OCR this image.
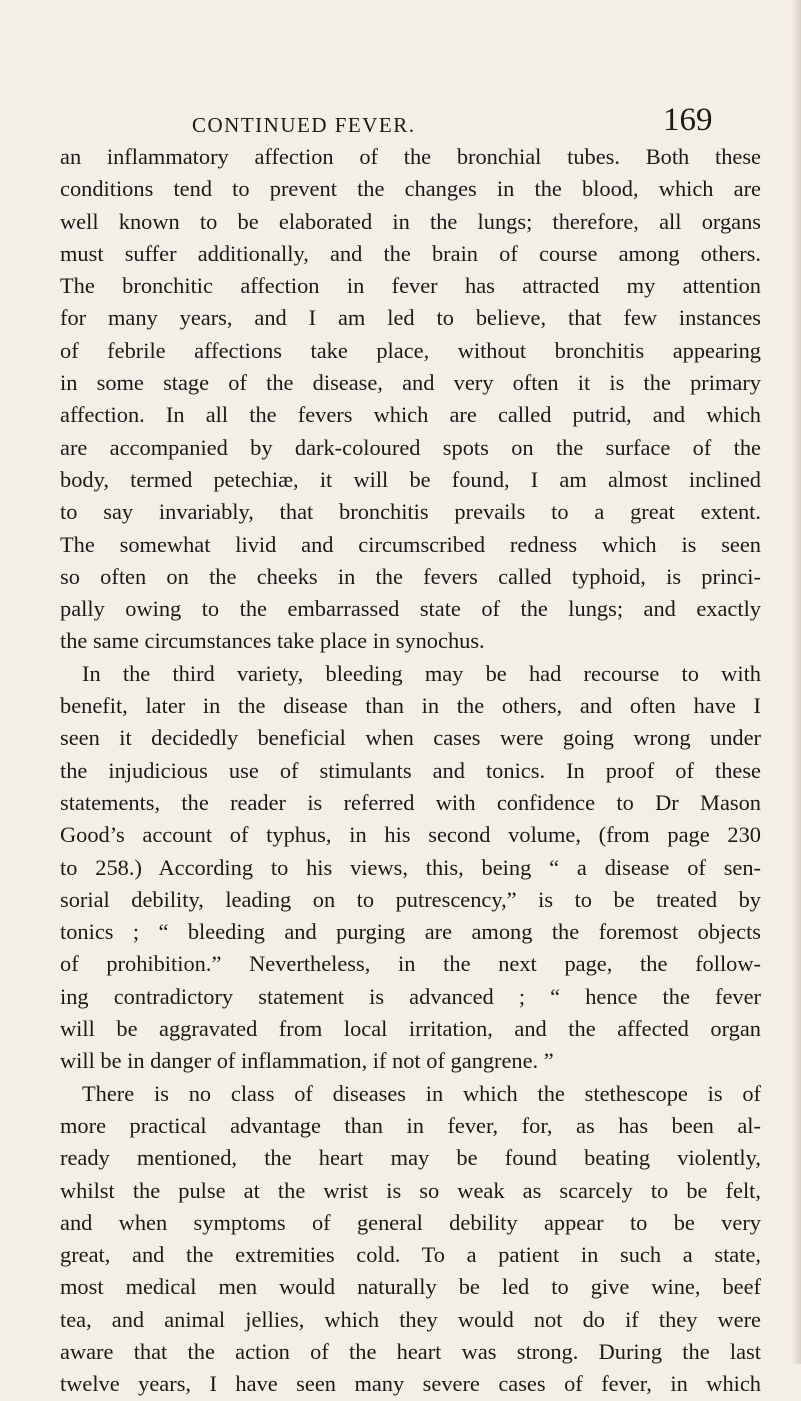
CONTINUED FEVER.	169
an inflammatory affection of the bronchial tubes. Both these
conditions tend to prevent the changes in the blood, which are
well known to be elaborated in the lungs; therefore, all organs
must suffer additionally, and the brain of course among others.
The bronchitic affection in fever has attracted my attention
for many years, and I am led to believe, that few instances
of febrile affections take place, without bronchitis appearing
in some stage of the disease, and very often it is the primary
affection. In all the fevers which are called putrid, and which
are accompanied by dark-coloured spots on the surface of the
body, termed petechiæ, it will be found, I am almost inclined
to say invariably, that bronchitis prevails to a great extent.
The somewhat livid and circumscribed redness which is seen
so often on the cheeks in the fevers called typhoid, is princi-
pally owing to the embarrassed state of the lungs; and exactly
the same circumstances take place in synochus.
In the third variety, bleeding may be had recourse to with
benefit, later in the disease than in the others, and often have I
seen it decidedly beneficial when cases were going wrong under
the injudicious use of stimulants and tonics. In proof of these
statements, the reader is referred with confidence to Dr Mason
Good’s account of typhus, in his second volume, (from page 230
to 258.) According to his views, this, being “ a disease of sen-
sorial debility, leading on to putrescency,” is to be treated by
tonics ; “ bleeding and purging are among the foremost objects
of prohibition.” Nevertheless, in the next page, the follow-
ing contradictory statement is advanced ; “ hence the fever
will be aggravated from local irritation, and the affected organ
will be in danger of inflammation, if not of gangrene. ”
There is no class of diseases in which the stethescope is of
more practical advantage than in fever, for, as has been al-
ready mentioned, the heart may be found beating violently,
whilst the pulse at the wrist is so weak as scarcely to be felt,
and when symptoms of general debility appear to be very
great, and the extremities cold. To a patient in such a state,
most medical men would naturally be led to give wine, beef
tea, and animal jellies, which they would not do if they were
aware that the action of the heart was strong. During the last
twelve years, I have seen many severe cases of fever, in which
